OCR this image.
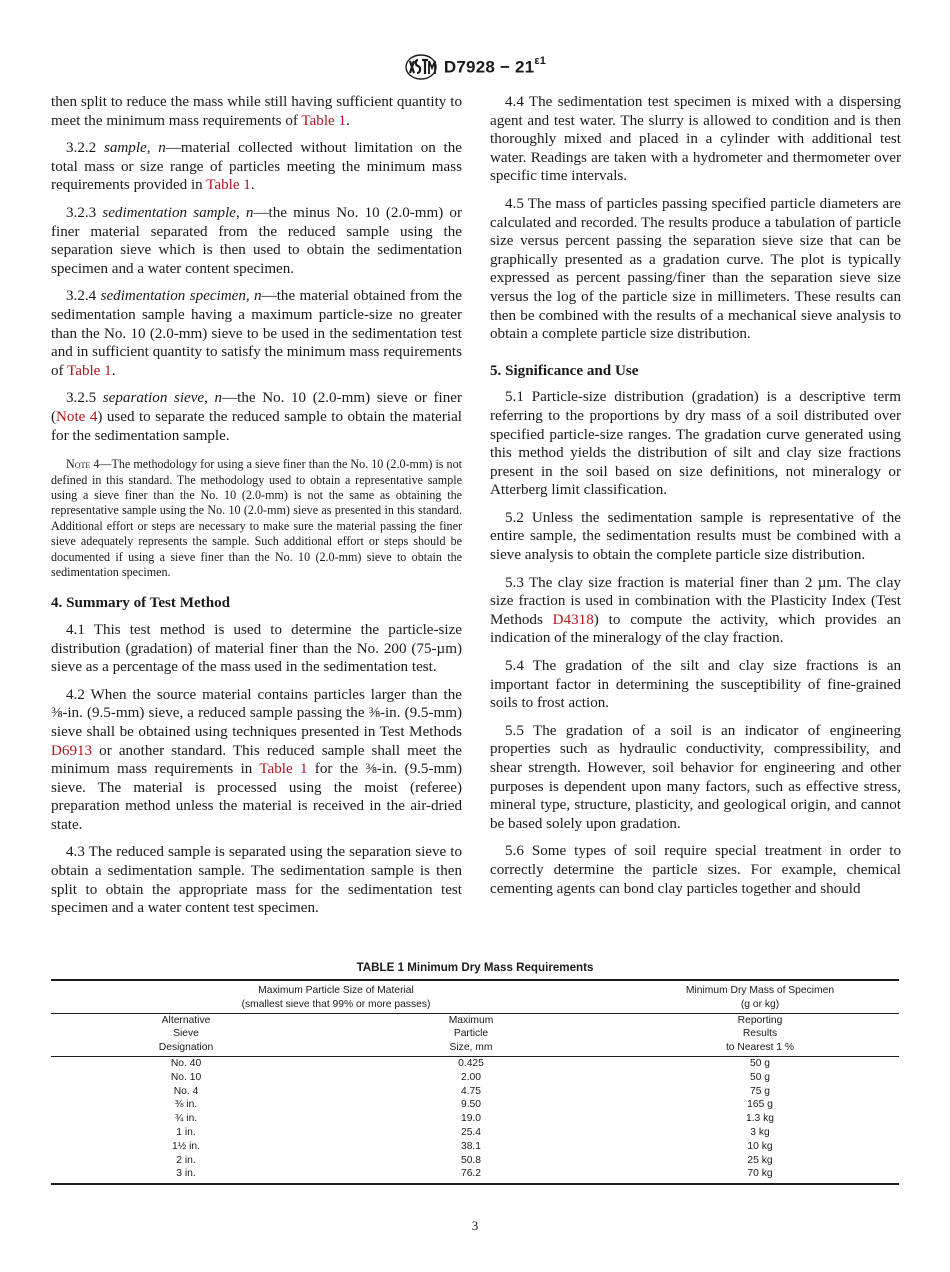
$D7928 - 21^{\varepsilon 1}$

then split to reduce the mass while still having sufficient quantity to meet the minimum mass requirements of Table 1.

3.2.2 sample, n—material collected without limitation on the total mass or size range of particles meeting the minimum mass requirements provided in Table 1.

3.2.3 sedimentation sample, n—the minus No. 10 (2.0-mm) or finer material separated from the reduced sample using the separation sieve which is then used to obtain the sedimentation specimen and a water content specimen.

3.2.4 sedimentation specimen, n—the material obtained from the sedimentation sample having a maximum particle-size no greater than the No. 10 (2.0-mm) sieve to be used in the sedimentation test and in sufficient quantity to satisfy the minimum mass requirements of Table 1.

3.2.5 separation sieve, n—the No. 10 (2.0-mm) sieve or finer (Note 4) used to separate the reduced sample to obtain the material for the sedimentation sample.

Note 4—The methodology for using a sieve finer than the No. 10 (2.0-mm) is not defined in this standard. The methodology used to obtain a representative sample using a sieve finer than the No. 10 (2.0-mm) is not the same as obtaining the representative sample using the No. 10 (2.0-mm) sieve as presented in this standard. Additional effort or steps are necessary to make sure the material passing the finer sieve adequately represents the sample. Such additional effort or steps should be documented if using a sieve finer than the No. 10 (2.0-mm) sieve to obtain the sedimentation specimen.
4. Summary of Test Method

4.1 This test method is used to determine the particle-size distribution (gradation) of material finer than the No. 200 (75-µm) sieve as a percentage of the mass used in the sedimentation test.

4.2 When the source material contains particles larger than the ⅜-in. (9.5-mm) sieve, a reduced sample passing the ⅜-in. (9.5-mm) sieve shall be obtained using techniques presented in Test Methods D6913 or another standard. This reduced sample shall meet the minimum mass requirements in Table 1 for the ⅜-in. (9.5-mm) sieve. The material is processed using the moist (referee) preparation method unless the material is received in the air-dried state.

4.3 The reduced sample is separated using the separation sieve to obtain a sedimentation sample. The sedimentation sample is then split to obtain the appropriate mass for the sedimentation test specimen and a water content test specimen.

4.4 The sedimentation test specimen is mixed with a dispersing agent and test water. The slurry is allowed to condition and is then thoroughly mixed and placed in a cylinder with additional test water. Readings are taken with a hydrometer and thermometer over specific time intervals.

4.5 The mass of particles passing specified particle diameters are calculated and recorded. The results produce a tabulation of particle size versus percent passing the separation sieve size that can be graphically presented as a gradation curve. The plot is typically expressed as percent passing/finer than the separation sieve size versus the log of the particle size in millimeters. These results can then be combined with the results of a mechanical sieve analysis to obtain a complete particle size distribution.

5. Significance and Use

5.1 Particle-size distribution (gradation) is a descriptive term referring to the proportions by dry mass of a soil distributed over specified particle-size ranges. The gradation curve generated using this method yields the distribution of silt and clay size fractions present in the soil based on size definitions, not mineralogy or Atterberg limit classification.

5.2 Unless the sedimentation sample is representative of the entire sample, the sedimentation results must be combined with a sieve analysis to obtain the complete particle size distribution.

5.3 The clay size fraction is material finer than 2 µm. The clay size fraction is used in combination with the Plasticity Index (Test Methods D4318) to compute the activity, which provides an indication of the mineralogy of the clay fraction.

5.4 The gradation of the silt and clay size fractions is an important factor in determining the susceptibility of fine-grained soils to frost action.

5.5 The gradation of a soil is an indicator of engineering properties such as hydraulic conductivity, compressibility, and shear strength. However, soil behavior for engineering and other purposes is dependent upon many factors, such as effective stress, mineral type, structure, plasticity, and geological origin, and cannot be based solely upon gradation.

5.6 Some types of soil require special treatment in order to correctly determine the particle sizes. For example, chemical cementing agents can bond clay particles together and should

TABLE 1 Minimum Dry Mass Requirements
Maximum Particle Size of Material
(smallest sieve that 99% or more passes)

Minimum Dry Mass of Specimen
(g or kg)

Alternative
Sieve
Designation

Maximum
Particle
Size, mm

Reporting
Results
to Nearest 1 %

No. 40	0.425	50 g
No. 10	2.00	50 g
No. 4	4.75	75 g
⅜ in.	9.50	165 g
¾ in.	19.0	1.3 kg
1 in.	25.4	3 kg
1½ in.	38.1	10 kg
2 in.	50.8	25 kg
3 in.	76.2	70 kg
3
